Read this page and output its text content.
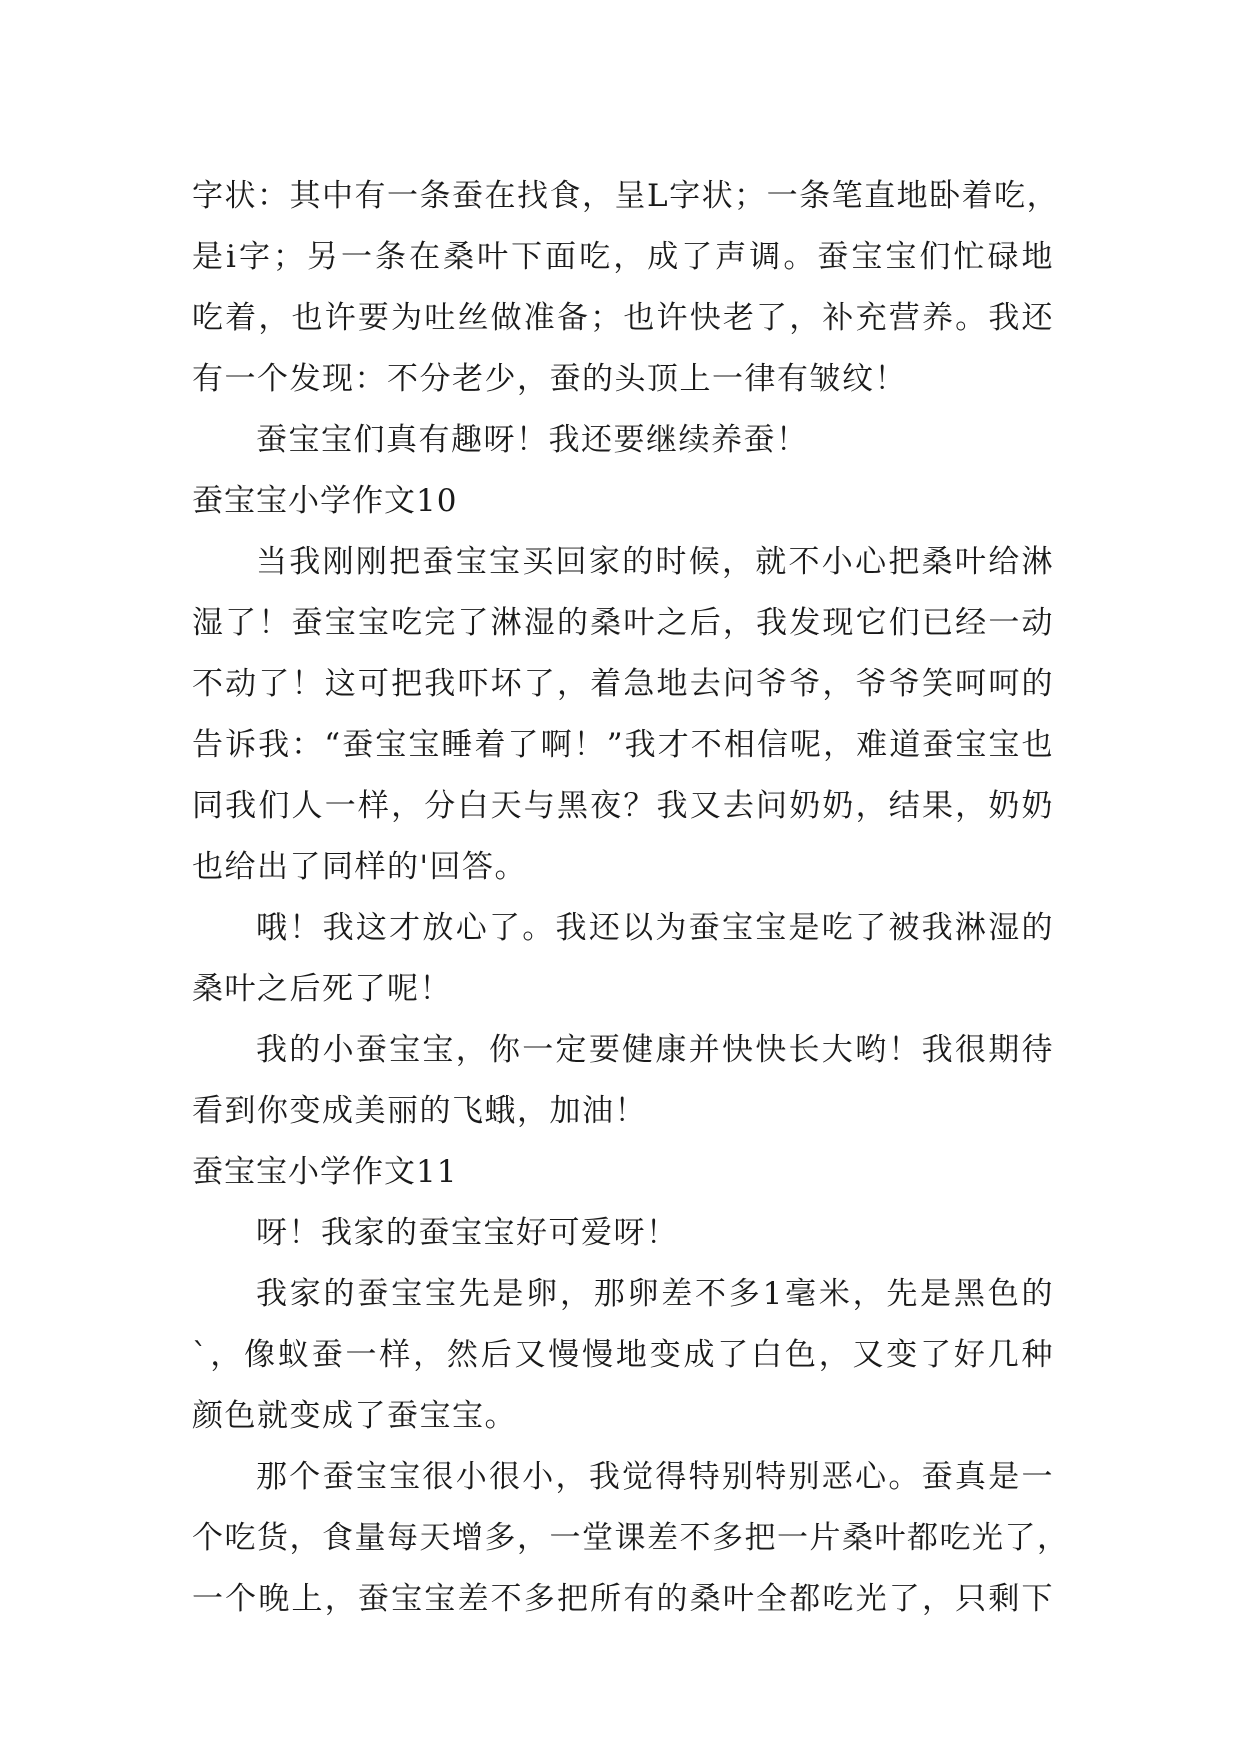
字状：其中有一条蚕在找食，呈L字状；一条笔直地卧着吃，
是i字；另一条在桑叶下面吃，成了声调。蚕宝宝们忙碌地
吃着，也许要为吐丝做准备；也许快老了，补充营养。我还
有一个发现：不分老少，蚕的头顶上一律有皱纹！
蚕宝宝们真有趣呀！我还要继续养蚕！
蚕宝宝小学作文10
当我刚刚把蚕宝宝买回家的时候，就不小心把桑叶给淋
湿了！蚕宝宝吃完了淋湿的桑叶之后，我发现它们已经一动
不动了！这可把我吓坏了，着急地去问爷爷，爷爷笑呵呵的
告诉我：“蚕宝宝睡着了啊！”我才不相信呢，难道蚕宝宝也
同我们人一样，分白天与黑夜？我又去问奶奶，结果，奶奶
也给出了同样的'回答。
哦！我这才放心了。我还以为蚕宝宝是吃了被我淋湿的
桑叶之后死了呢！
我的小蚕宝宝，你一定要健康并快快长大哟！我很期待
看到你变成美丽的飞蛾，加油！
蚕宝宝小学作文11
呀！我家的蚕宝宝好可爱呀！
我家的蚕宝宝先是卵，那卵差不多1毫米，先是黑色的
`，像蚁蚕一样，然后又慢慢地变成了白色，又变了好几种
颜色就变成了蚕宝宝。
那个蚕宝宝很小很小，我觉得特别特别恶心。蚕真是一
个吃货，食量每天增多，一堂课差不多把一片桑叶都吃光了，
一个晚上，蚕宝宝差不多把所有的桑叶全都吃光了，只剩下
